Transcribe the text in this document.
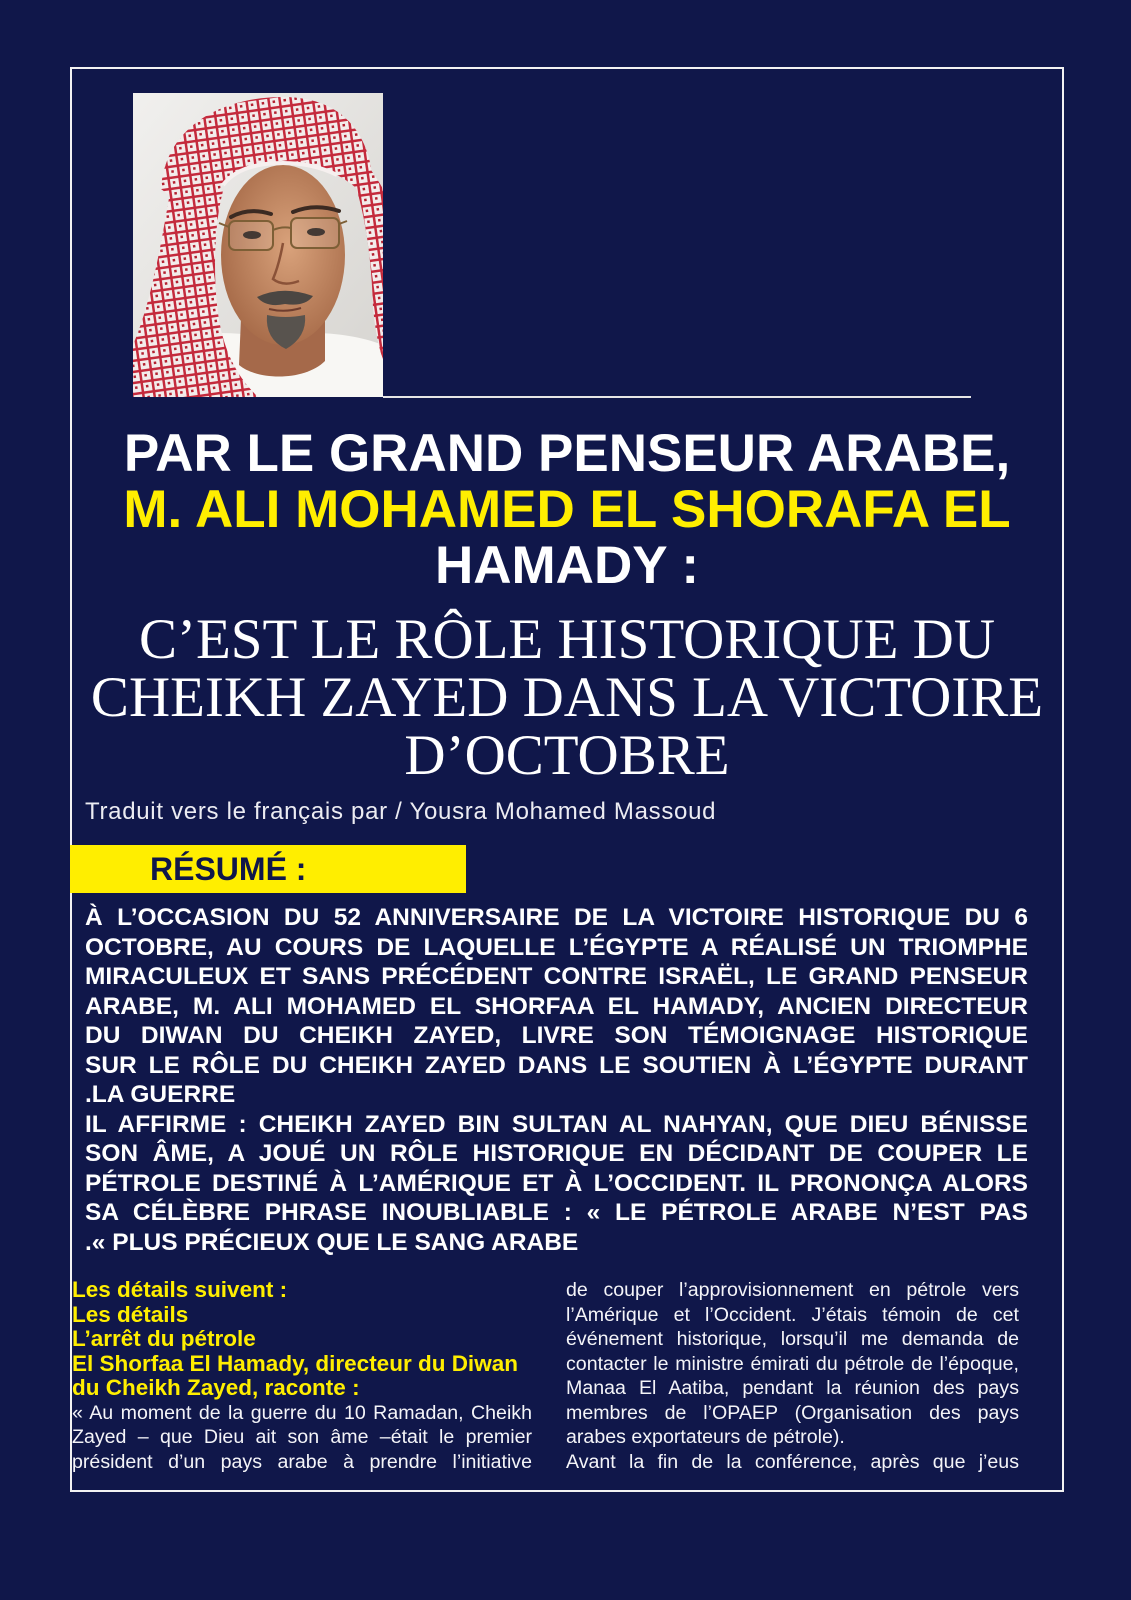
PAR LE GRAND PENSEUR ARABE,
M. ALI MOHAMED EL SHORAFA EL
HAMADY :
C’EST LE RÔLE HISTORIQUE DU
CHEIKH ZAYED DANS LA VICTOIRE
D’OCTOBRE
Traduit vers le français par / Yousra Mohamed Massoud
RÉSUMÉ :
À L’OCCASION DU 52 ANNIVERSAIRE DE LA VICTOIRE HISTORIQUE DU 6
OCTOBRE, AU COURS DE LAQUELLE L’ÉGYPTE A RÉALISÉ UN TRIOMPHE
MIRACULEUX ET SANS PRÉCÉDENT CONTRE ISRAËL, LE GRAND PENSEUR
ARABE, M. ALI MOHAMED EL SHORFAA EL HAMADY, ANCIEN DIRECTEUR
DU DIWAN DU CHEIKH ZAYED, LIVRE SON TÉMOIGNAGE HISTORIQUE
SUR LE RÔLE DU CHEIKH ZAYED DANS LE SOUTIEN À L’ÉGYPTE DURANT
.LA GUERRE
IL AFFIRME : CHEIKH ZAYED BIN SULTAN AL NAHYAN, QUE DIEU BÉNISSE
SON ÂME, A JOUÉ UN RÔLE HISTORIQUE EN DÉCIDANT DE COUPER LE
PÉTROLE DESTINÉ À L’AMÉRIQUE ET À L’OCCIDENT. IL PRONONÇA ALORS
SA CÉLÈBRE PHRASE INOUBLIABLE : « LE PÉTROLE ARABE N’EST PAS
.« PLUS PRÉCIEUX QUE LE SANG ARABE
Les détails suivent :
Les détails
L’arrêt du pétrole
El Shorfaa El Hamady, directeur du Diwan
du Cheikh Zayed, raconte :
« Au moment de la guerre du 10 Ramadan, Cheikh
Zayed – que Dieu ait son âme –était le premier
président d’un pays arabe à prendre l’initiative
de couper l’approvisionnement en pétrole vers
l’Amérique et l’Occident. J’étais témoin de cet
événement historique, lorsqu’il me demanda de
contacter le ministre émirati du pétrole de l’époque,
Manaa El Aatiba, pendant la réunion des pays
membres de l’OPAEP (Organisation des pays
arabes exportateurs de pétrole).
Avant la fin de la conférence, après que j’eus
